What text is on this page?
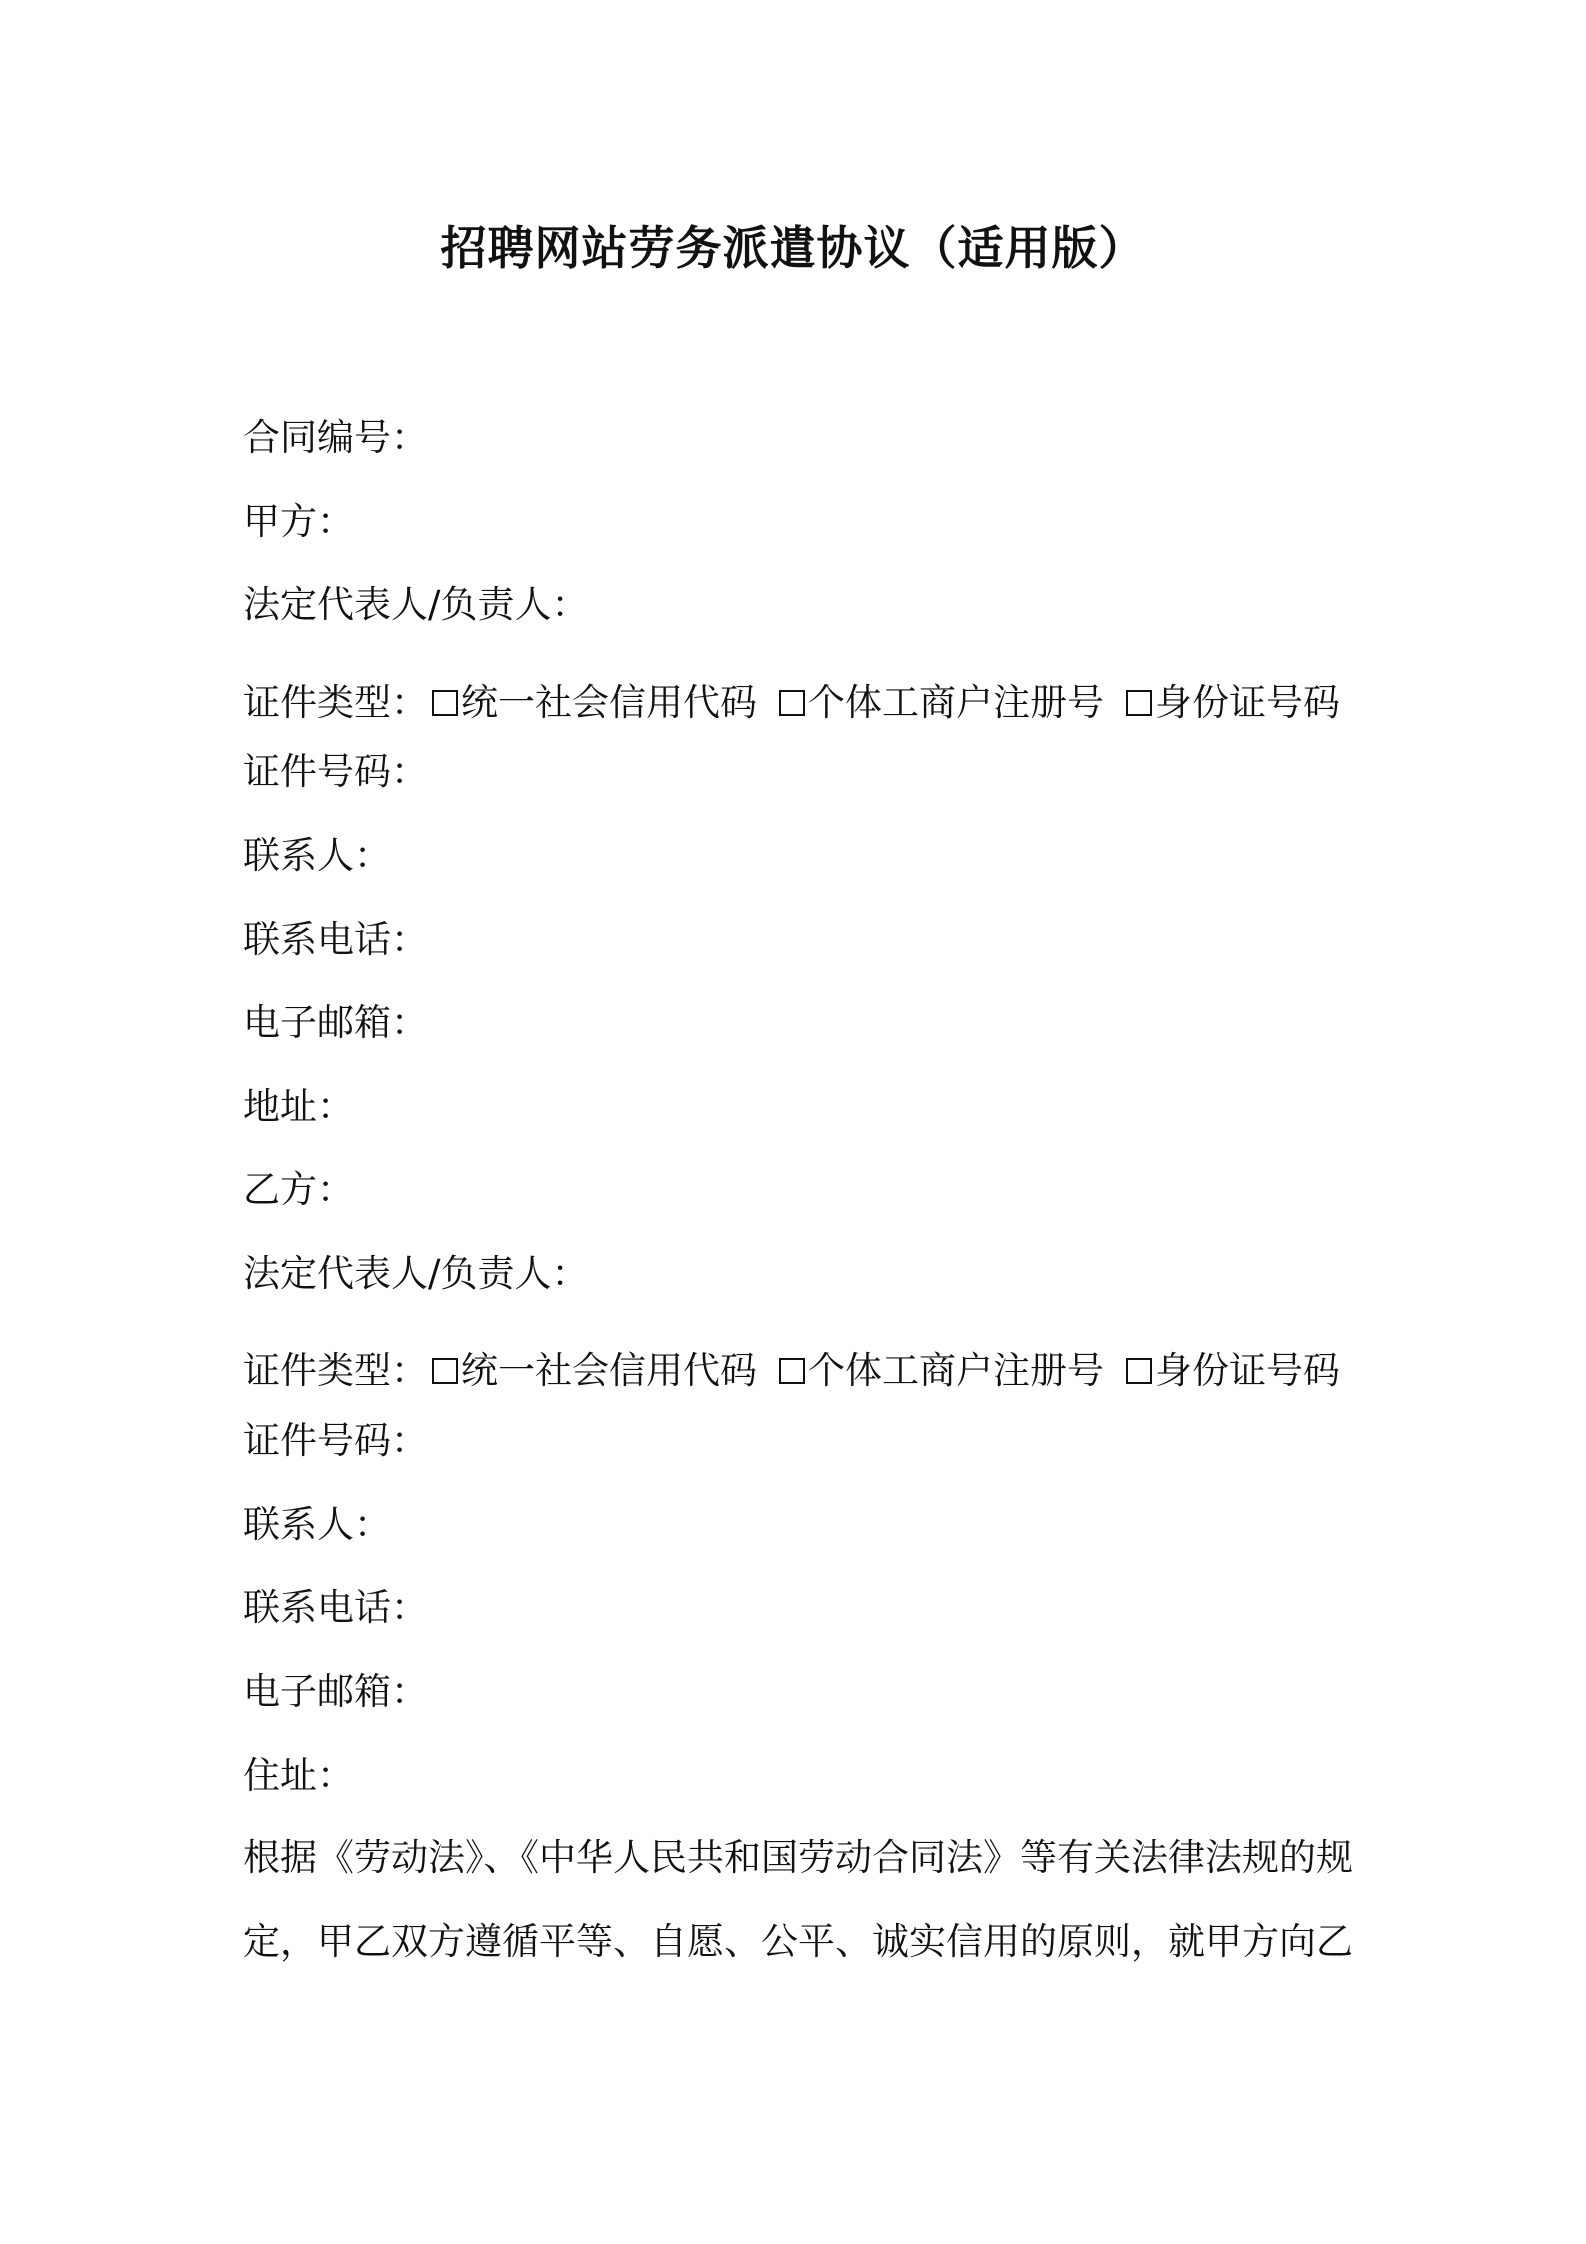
招聘网站劳务派遣协议（适用版）
合同编号：
甲方：
法定代表人/负责人：
证件类型： 统一社会信用代码 个体工商户注册号 身份证号码
证件号码：
联系人：
联系电话：
电子邮箱：
地址：
乙方：
法定代表人/负责人：
证件类型： 统一社会信用代码 个体工商户注册号 身份证号码
证件号码：
联系人：
联系电话：
电子邮箱：
住址：
根据《劳动法》、《中华人民共和国劳动合同法》等有关法律法规的规
定，甲乙双方遵循平等、自愿、公平、诚实信用的原则，就甲方向乙
